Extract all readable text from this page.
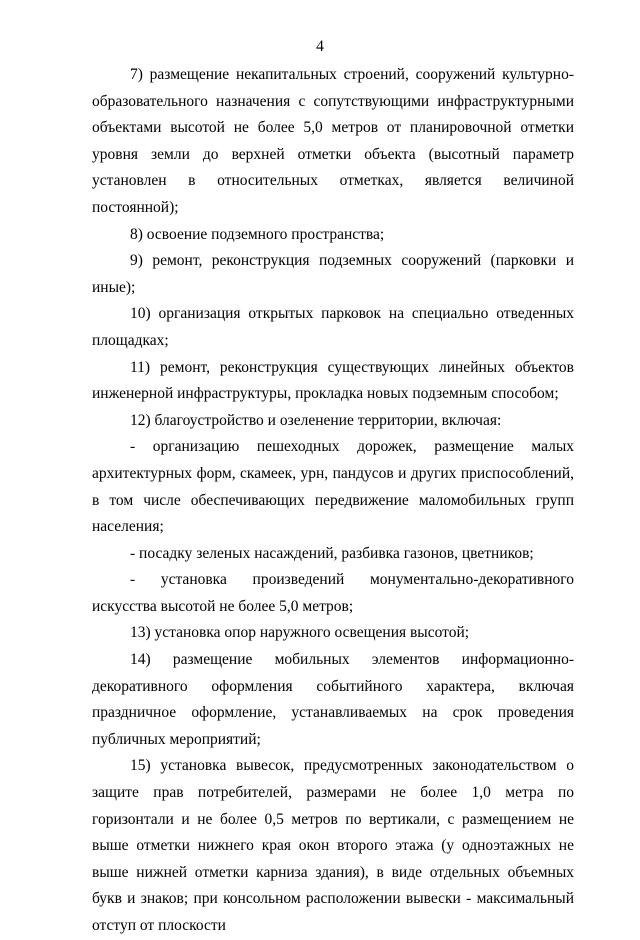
4

7) размещение некапитальных строений, сооружений культурно-образовательного назначения с сопутствующими инфраструктурными объектами высотой не более 5,0 метров от планировочной отметки уровня земли до верхней отметки объекта (высотный параметр установлен в относительных отметках, является величиной постоянной);

8) освоение подземного пространства;

9) ремонт, реконструкция подземных сооружений (парковки и иные);

10) организация открытых парковок на специально отведенных площадках;

11) ремонт, реконструкция существующих линейных объектов инженерной инфраструктуры, прокладка новых подземным способом;

12) благоустройство и озеленение территории, включая:

- организацию пешеходных дорожек, размещение малых архитектурных форм, скамеек, урн, пандусов и других приспособлений, в том числе обеспечивающих передвижение маломобильных групп населения;

- посадку зеленых насаждений, разбивка газонов, цветников;

- установка произведений монументально-декоративного искусства высотой не более 5,0 метров;

13) установка опор наружного освещения высотой;

14) размещение мобильных элементов информационно-декоративного оформления событийного характера, включая праздничное оформление, устанавливаемых на срок проведения публичных мероприятий;

15) установка вывесок, предусмотренных законодательством о защите прав потребителей, размерами не более 1,0 метра по горизонтали и не более 0,5 метров по вертикали, с размещением не выше отметки нижнего края окон второго этажа (у одноэтажных не выше нижней отметки карниза здания), в виде отдельных объемных букв и знаков; при консольном расположении вывески - максимальный отступ от плоскости
